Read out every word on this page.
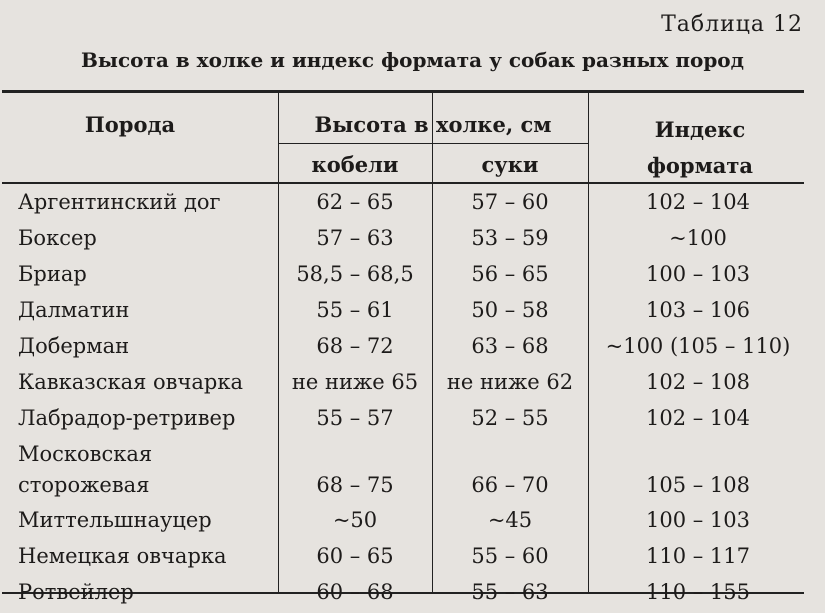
Таблица 12
Высота в холке и индекс формата у собак разных пород
Порода	Высота в холке, см
кобели	суки
Индекс
формата
Аргентинский дог	62 – 65	57 – 60	102 – 104
Боксер	57 – 63	53 – 59	~100
Бриар	58,5 – 68,5	56 – 65	100 – 103
Далматин	55 – 61	50 – 58	103 – 106
Доберман	68 – 72	63 – 68	~100 (105 – 110)
Кавказская овчарка	не ниже 65	не ниже 62	102 – 108
Лабрадор-ретривер	55 – 57	52 – 55	102 – 104
Московская
сторожевая	68 – 75	66 – 70	105 – 108
Миттельшнауцер	~50	~45	100 – 103
Немецкая овчарка	60 – 65	55 – 60	110 – 117
Ротвейлер	60 – 68	55 – 63	110 – 155
